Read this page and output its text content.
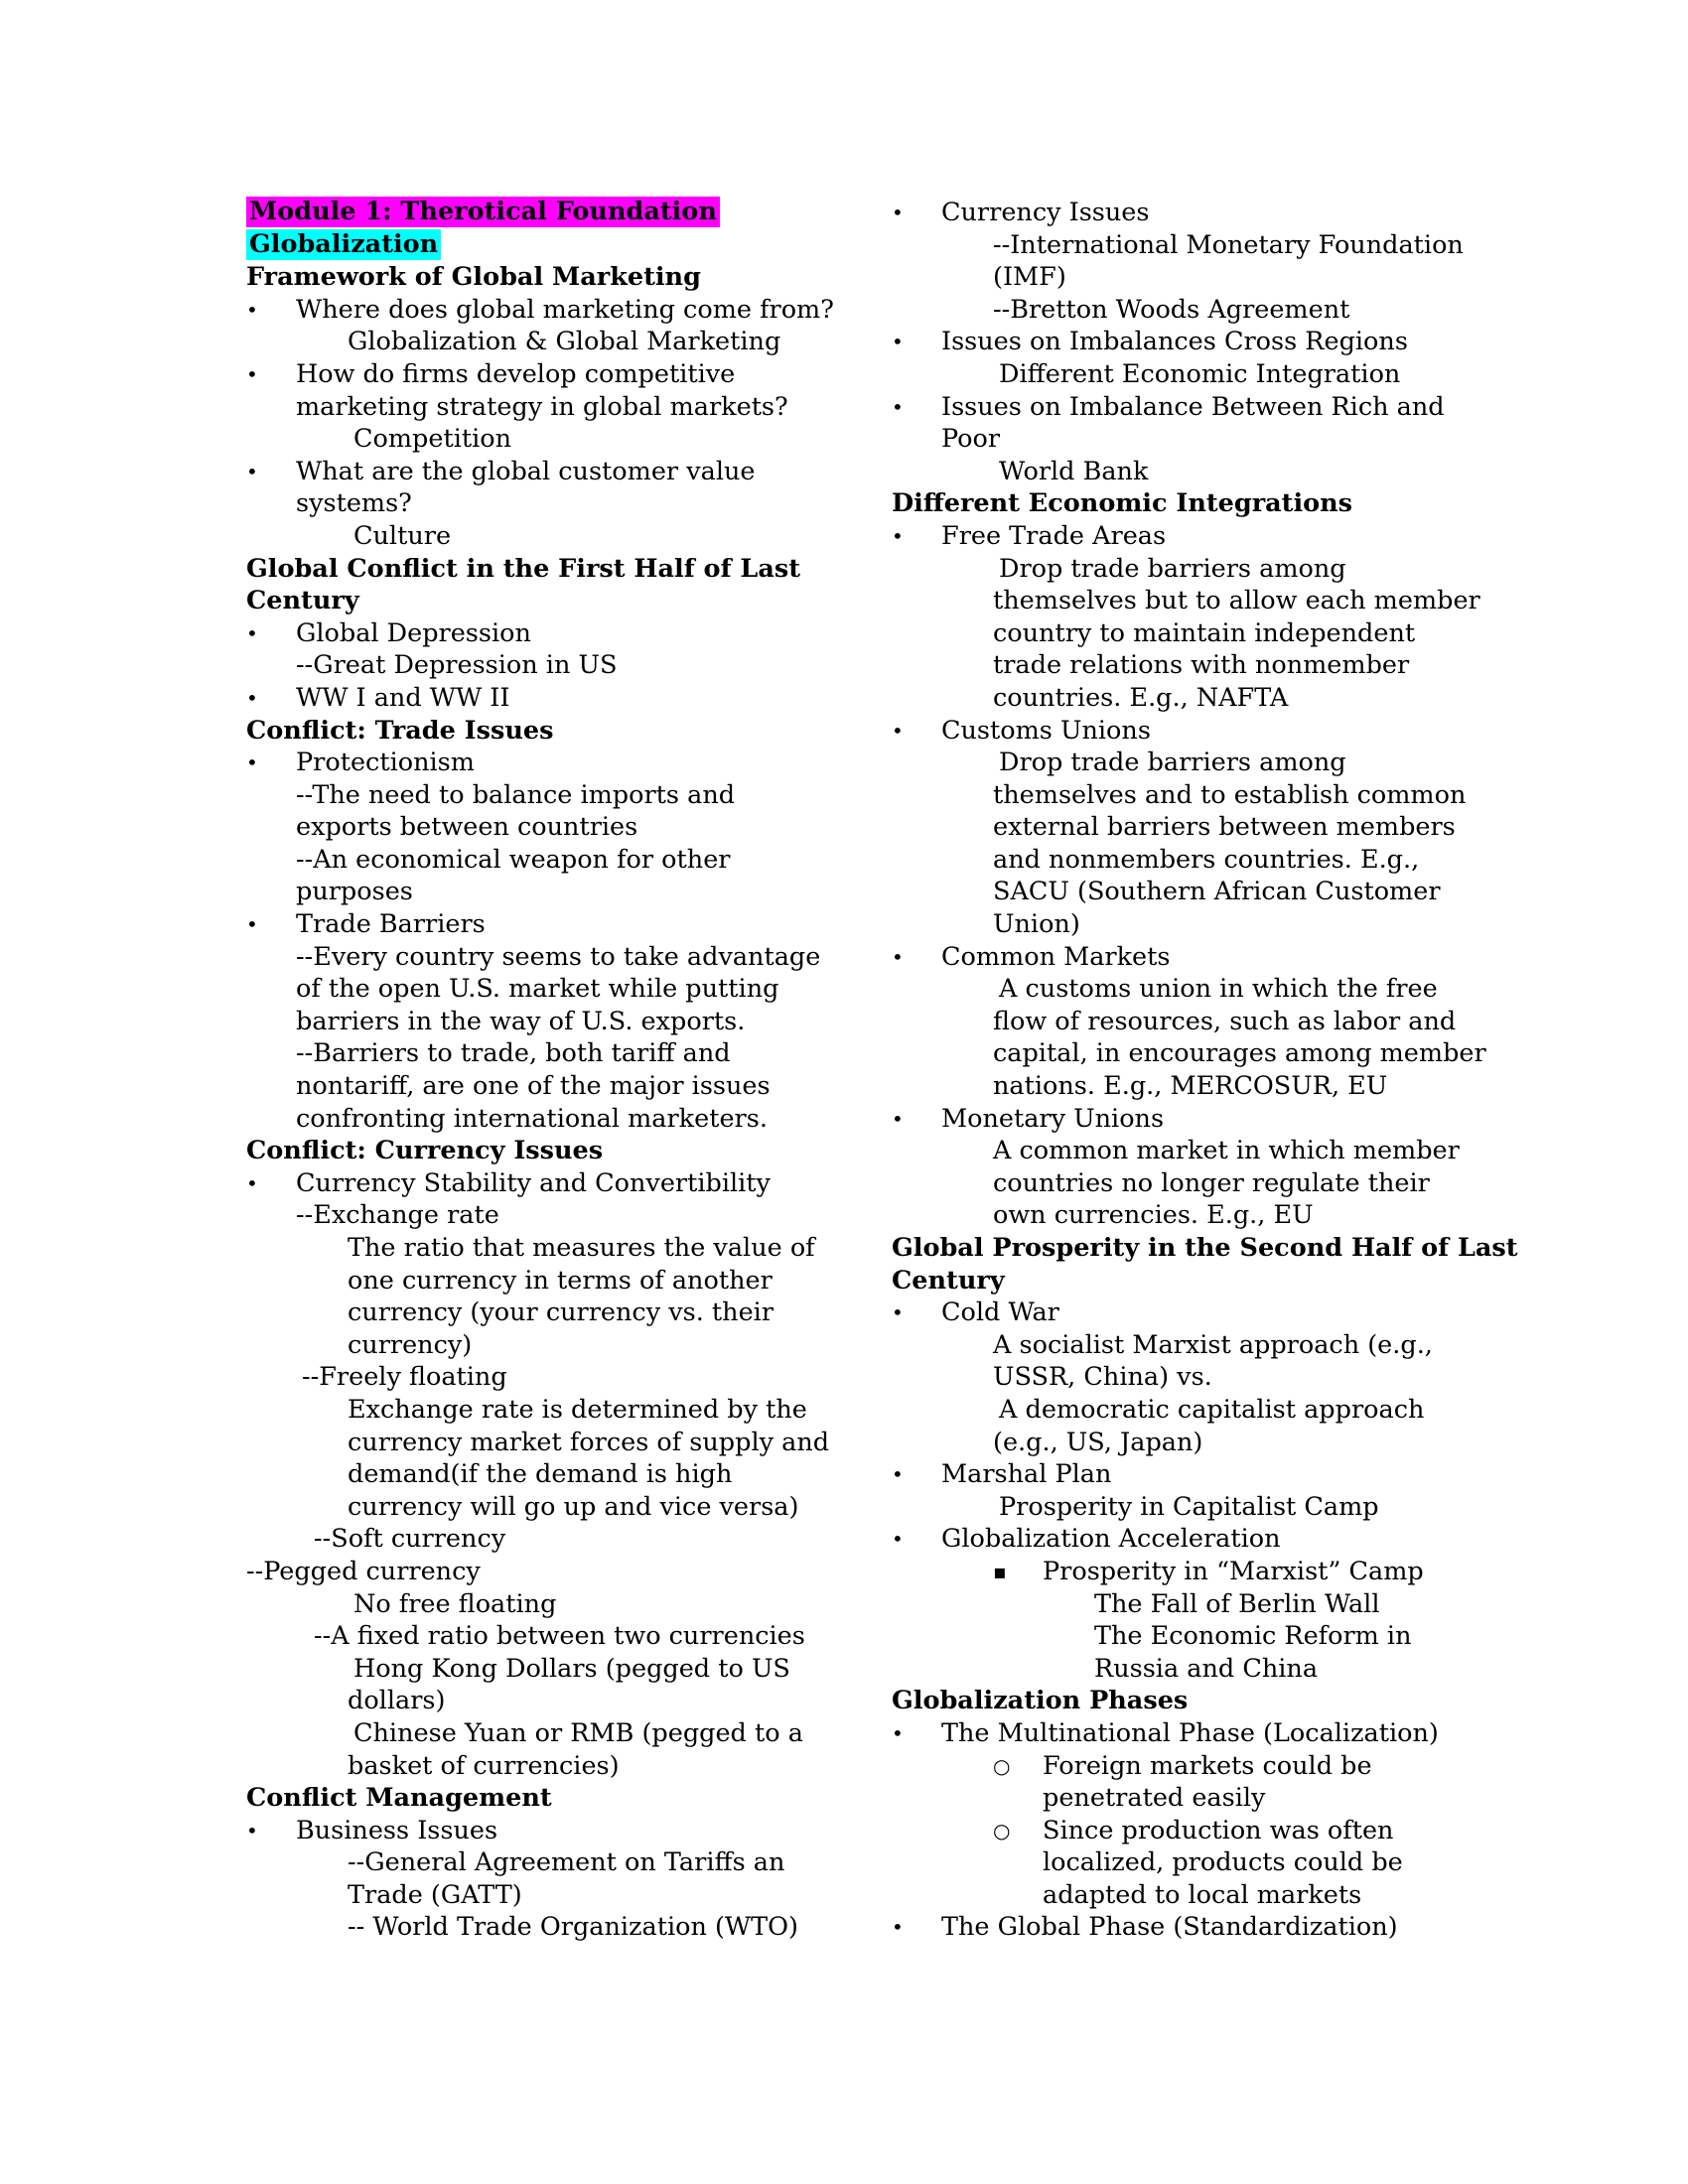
Module 1: Therotical Foundation
Globalization
Framework of Global Marketing
• Where does global marketing come from?
Globalization & Global Marketing
• How do firms develop competitive
marketing strategy in global markets?
Competition
• What are the global customer value
systems?
Culture
Global Conflict in the First Half of Last
Century
• Global Depression
--Great Depression in US
• WW I and WW II
Conflict: Trade Issues
• Protectionism
--The need to balance imports and
exports between countries
--An economical weapon for other
purposes
• Trade Barriers
--Every country seems to take advantage
of the open U.S. market while putting
barriers in the way of U.S. exports.
--Barriers to trade, both tariff and
nontariff, are one of the major issues
confronting international marketers.
Conflict: Currency Issues
• Currency Stability and Convertibility
--Exchange rate
The ratio that measures the value of
one currency in terms of another
currency (your currency vs. their
currency)
--Freely floating
Exchange rate is determined by the
currency market forces of supply and
demand(if the demand is high
currency will go up and vice versa)
--Soft currency
--Pegged currency
No free floating
--A fixed ratio between two currencies
Hong Kong Dollars (pegged to US
dollars)
Chinese Yuan or RMB (pegged to a
basket of currencies)
Conflict Management
• Business Issues
--General Agreement on Tariffs an
Trade (GATT)
-- World Trade Organization (WTO)
• Currency Issues
--International Monetary Foundation
(IMF)
--Bretton Woods Agreement
• Issues on Imbalances Cross Regions
Different Economic Integration
• Issues on Imbalance Between Rich and
Poor
World Bank
Different Economic Integrations
• Free Trade Areas
Drop trade barriers among
themselves but to allow each member
country to maintain independent
trade relations with nonmember
countries. E.g., NAFTA
• Customs Unions
Drop trade barriers among
themselves and to establish common
external barriers between members
and nonmembers countries. E.g.,
SACU (Southern African Customer
Union)
• Common Markets
A customs union in which the free
flow of resources, such as labor and
capital, in encourages among member
nations. E.g., MERCOSUR, EU
• Monetary Unions
A common market in which member
countries no longer regulate their
own currencies. E.g., EU
Global Prosperity in the Second Half of Last
Century
• Cold War
A socialist Marxist approach (e.g.,
USSR, China) vs.
A democratic capitalist approach
(e.g., US, Japan)
• Marshal Plan
Prosperity in Capitalist Camp
• Globalization Acceleration
▪ Prosperity in “Marxist” Camp
The Fall of Berlin Wall
The Economic Reform in
Russia and China
Globalization Phases
• The Multinational Phase (Localization)
○ Foreign markets could be
penetrated easily
○ Since production was often
localized, products could be
adapted to local markets
• The Global Phase (Standardization)
